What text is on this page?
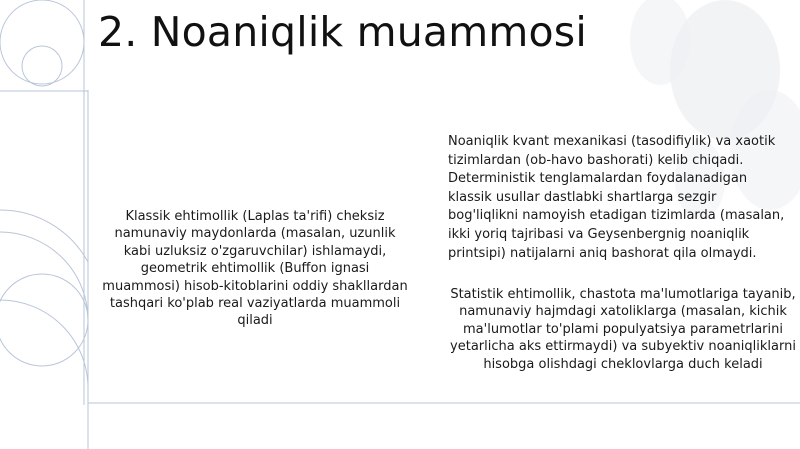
2. Noaniqlik muammosi

Klassik ehtimollik (Laplas ta'rifi) cheksiz namunaviy maydonlarda (masalan, uzunlik kabi uzluksiz o'zgaruvchilar) ishlamaydi, geometrik ehtimollik (Buffon ignasi muammosi) hisob-kitoblarini oddiy shakllardan tashqari ko'plab real vaziyatlarda muammoli qiladi

Noaniqlik kvant mexanikasi (tasodifiylik) va xaotik tizimlardan (ob-havo bashorati) kelib chiqadi. Deterministik tenglamalardan foydalanadigan klassik usullar dastlabki shartlarga sezgir bog'liqlikni namoyish etadigan tizimlarda (masalan, ikki yoriq tajribasi va Geysenbergnig noaniqlik printsipi) natijalarni aniq bashorat qila olmaydi.

Statistik ehtimollik, chastota ma'lumotlariga tayanib, namunaviy hajmdagi xatoliklarga (masalan, kichik ma'lumotlar to'plami populyatsiya parametrlarini yetarlicha aks ettirmaydi) va subyektiv noaniqliklarni hisobga olishdagi cheklovlarga duch keladi
